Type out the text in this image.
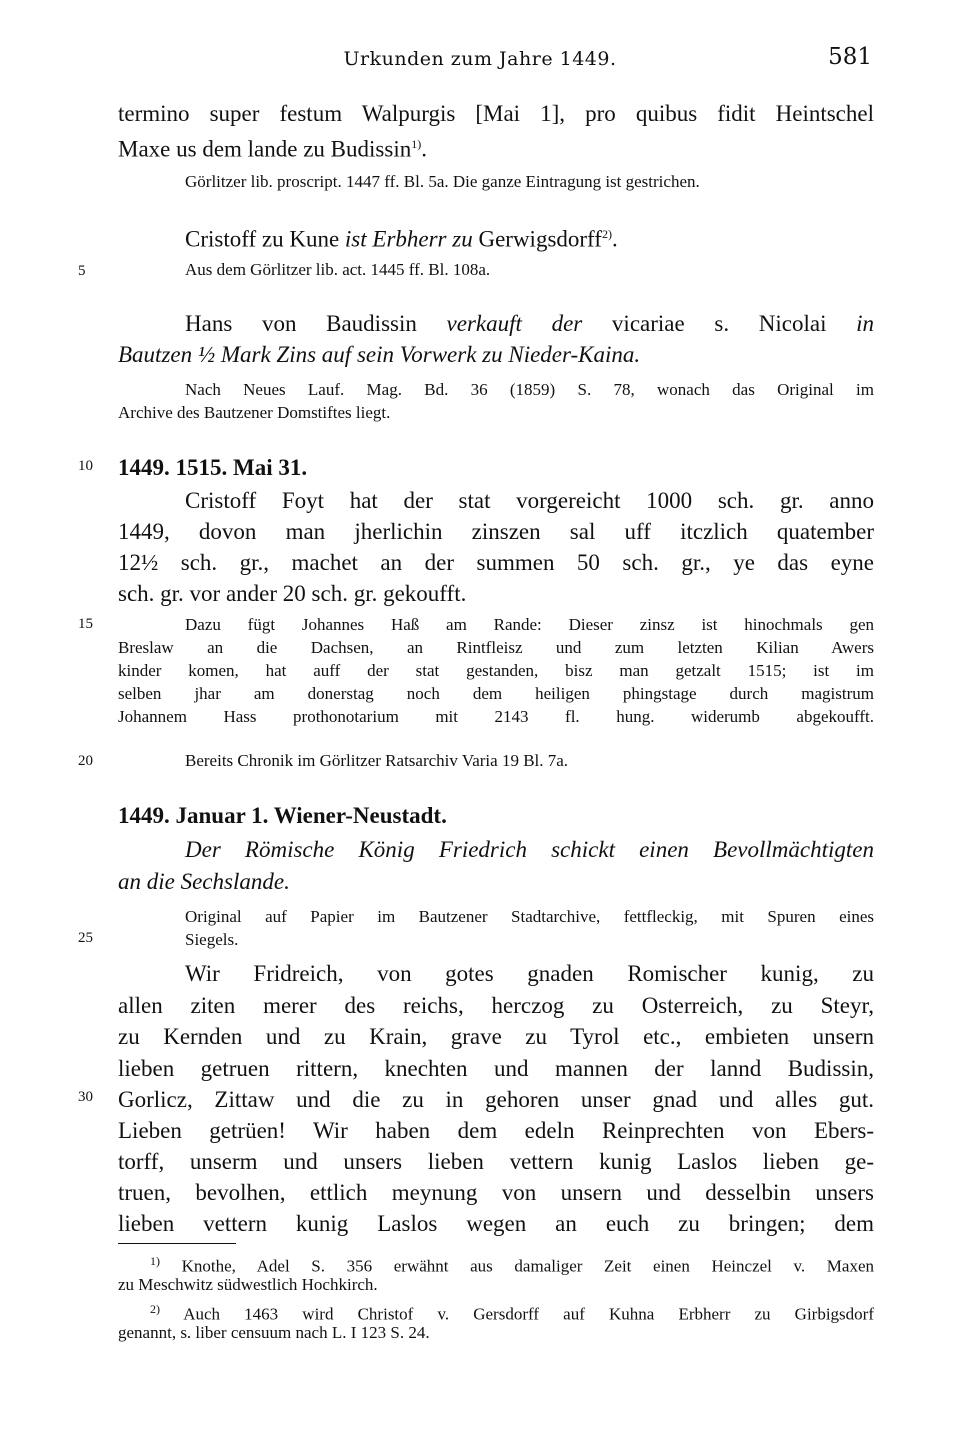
Urkunden zum Jahre 1449.	581
5
10
15
20
25
30
termino super festum Walpurgis [Mai 1], pro quibus fidit Heintschel
Maxe us dem lande zu Budissin$^{1)}$.
Görlitzer lib. proscript. 1447 ff. Bl. 5a. Die ganze Eintragung ist gestrichen.
Cristoff zu Kune ist Erbherr zu Gerwigsdorff$^{2)}$.
Aus dem Görlitzer lib. act. 1445 ff. Bl. 108a.
Hans von Baudissin verkauft der vicariae s. Nicolai in
Bautzen ½ Mark Zins auf sein Vorwerk zu Nieder-Kaina.
Nach Neues Lauf. Mag. Bd. 36 (1859) S. 78, wonach das Original im
Archive des Bautzener Domstiftes liegt.
1449. 1515. Mai 31.
Cristoff Foyt hat der stat vorgereicht 1000 sch. gr. anno
1449, dovon man jherlichin zinszen sal uff itczlich quatember
12½ sch. gr., machet an der summen 50 sch. gr., ye das eyne
sch. gr. vor ander 20 sch. gr. gekoufft.
Dazu fügt Johannes Haß am Rande: Dieser zinsz ist hinochmals gen
Breslaw an die Dachsen, an Rintfleisz und zum letzten Kilian Awers
kinder komen, hat auff der stat gestanden, bisz man getzalt 1515; ist im
selben jhar am donerstag noch dem heiligen phingstage durch magistrum
Johannem Hass prothonotarium mit 2143 fl. hung. widerumb abgekoufft.
Bereits Chronik im Görlitzer Ratsarchiv Varia 19 Bl. 7a.
1449. Januar 1. Wiener-Neustadt.
Der Römische König Friedrich schickt einen Bevollmächtigten
an die Sechslande.
Original auf Papier im Bautzener Stadtarchive, fettfleckig, mit Spuren eines
Siegels.
Wir Fridreich, von gotes gnaden Romischer kunig, zu
allen ziten merer des reichs, herczog zu Osterreich, zu Steyr,
zu Kernden und zu Krain, grave zu Tyrol etc., embieten unsern
lieben getruen rittern, knechten und mannen der lannd Budissin,
Gorlicz, Zittaw und die zu in gehoren unser gnad und alles gut.
Lieben getrüen! Wir haben dem edeln Reinprechten von Ebers-
torff, unserm und unsers lieben vettern kunig Laslos lieben ge-
truen, bevolhen, ettlich meynung von unsern und desselbin unsers
lieben vettern kunig Laslos wegen an euch zu bringen; dem
$^{1)}$ Knothe, Adel S. 356 erwähnt aus damaliger Zeit einen Heinczel v. Maxen
zu Meschwitz südwestlich Hochkirch.
$^{2)}$ Auch 1463 wird Christof v. Gersdorff auf Kuhna Erbherr zu Girbigsdorf
genannt, s. liber censuum nach L. I 123 S. 24.
